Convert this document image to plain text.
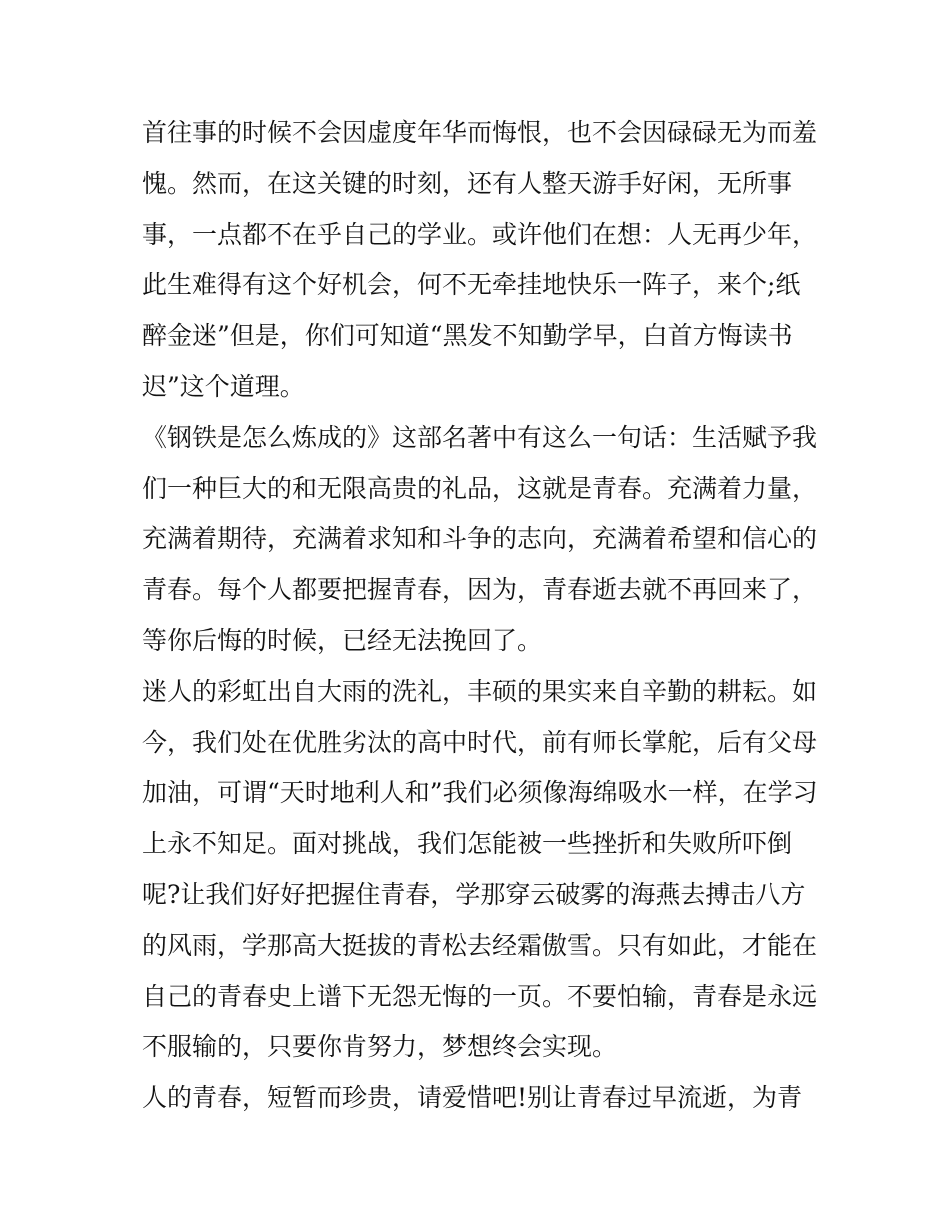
首往事的时候不会因虚度年华而悔恨，也不会因碌碌无为而羞
愧。然而，在这关键的时刻，还有人整天游手好闲，无所事
事，一点都不在乎自己的学业。或许他们在想：人无再少年，
此生难得有这个好机会，何不无牵挂地快乐一阵子，来个;纸
醉金迷”但是，你们可知道“黑发不知勤学早，白首方悔读书
迟”这个道理。
《钢铁是怎么炼成的》这部名著中有这么一句话：生活赋予我
们一种巨大的和无限高贵的礼品，这就是青春。充满着力量，
充满着期待，充满着求知和斗争的志向，充满着希望和信心的
青春。每个人都要把握青春，因为，青春逝去就不再回来了，
等你后悔的时候，已经无法挽回了。
迷人的彩虹出自大雨的洗礼，丰硕的果实来自辛勤的耕耘。如
今，我们处在优胜劣汰的高中时代，前有师长掌舵，后有父母
加油，可谓“天时地利人和”我们必须像海绵吸水一样，在学习
上永不知足。面对挑战，我们怎能被一些挫折和失败所吓倒
呢?让我们好好把握住青春，学那穿云破雾的海燕去搏击八方
的风雨，学那高大挺拔的青松去经霜傲雪。只有如此，才能在
自己的青春史上谱下无怨无悔的一页。不要怕输，青春是永远
不服输的，只要你肯努力，梦想终会实现。
人的青春，短暂而珍贵，请爱惜吧!别让青春过早流逝，为青
